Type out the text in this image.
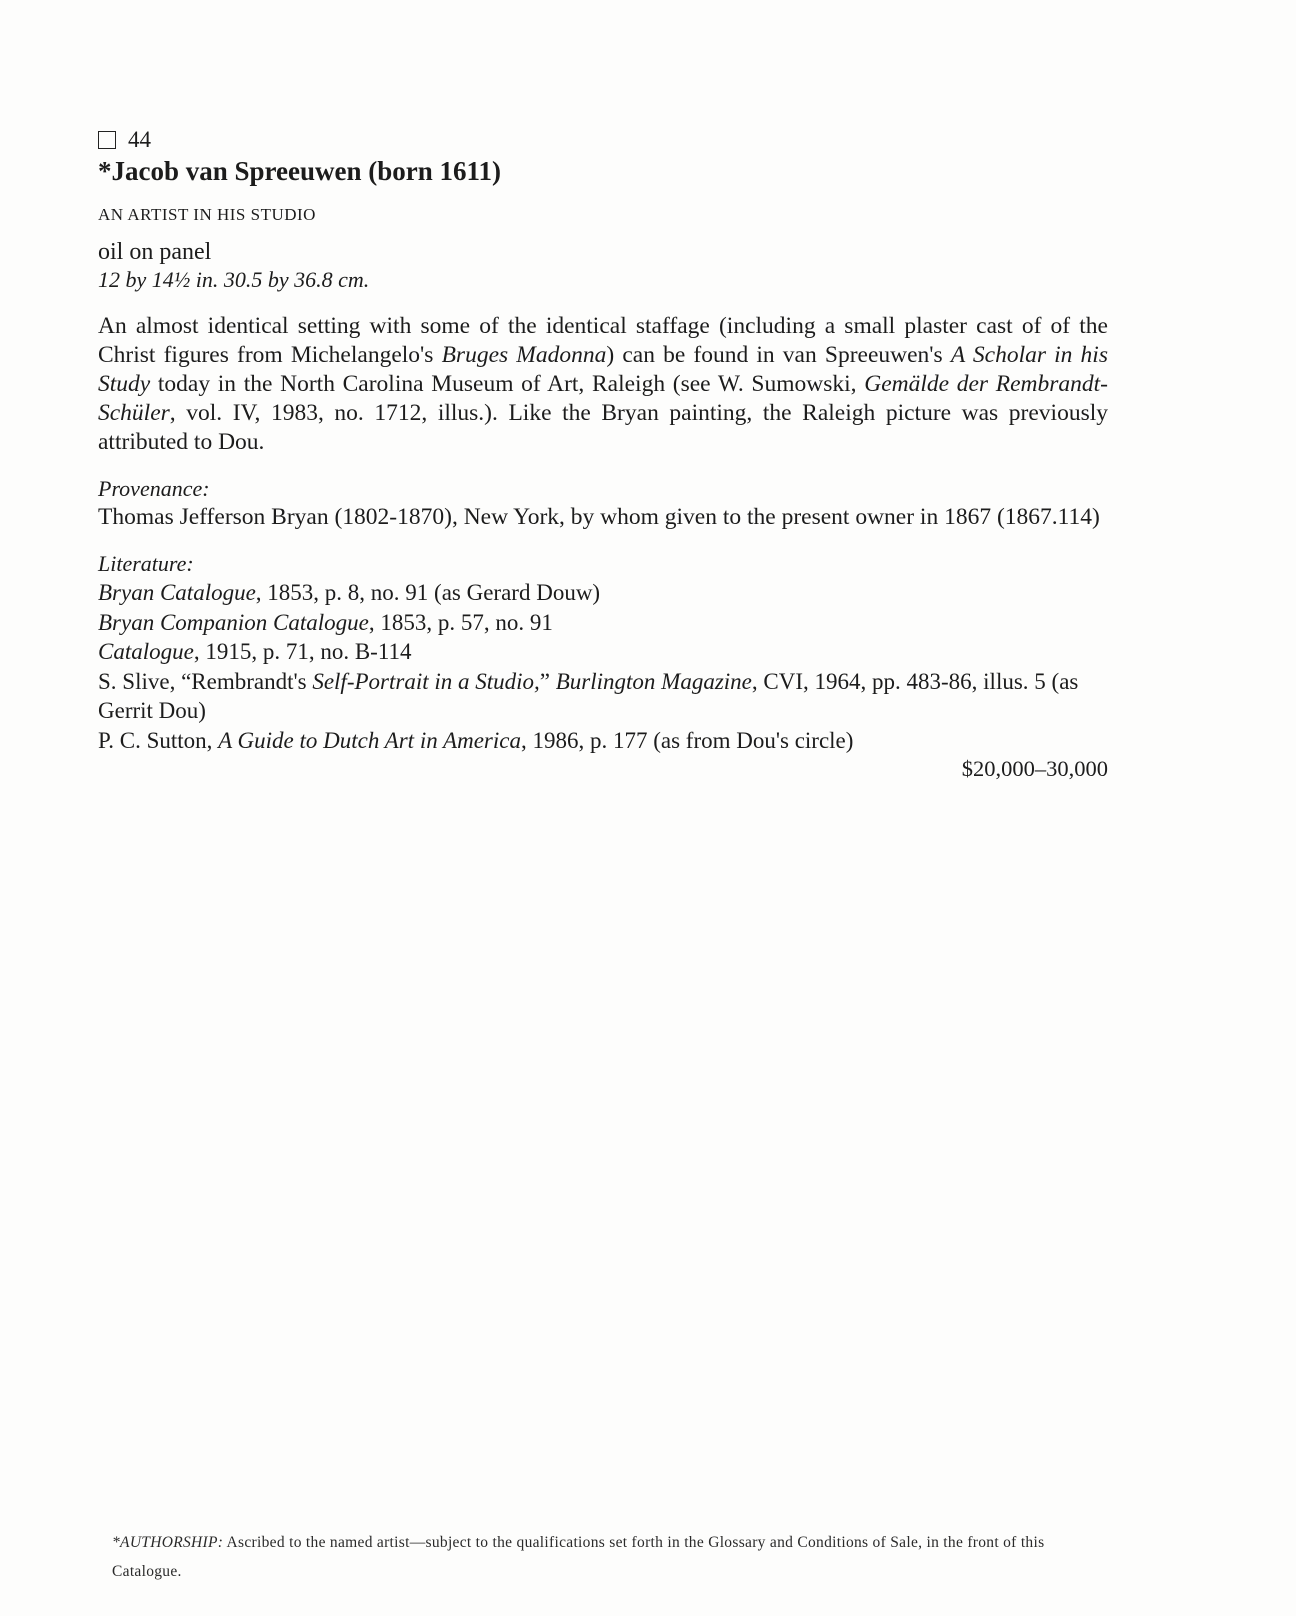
44
*Jacob van Spreeuwen (born 1611)
AN ARTIST IN HIS STUDIO
oil on panel
12 by 14½ in. 30.5 by 36.8 cm.
An almost identical setting with some of the identical staffage (including a small plaster cast of of the Christ figures from Michelangelo's Bruges Madonna) can be found in van Spreeuwen's A Scholar in his Study today in the North Carolina Museum of Art, Raleigh (see W. Sumowski, Gemälde der Rembrandt-Schüler, vol. IV, 1983, no. 1712, illus.). Like the Bryan painting, the Raleigh picture was previously attributed to Dou.
Provenance:
Thomas Jefferson Bryan (1802-1870), New York, by whom given to the present owner in 1867 (1867.114)
Literature:
Bryan Catalogue, 1853, p. 8, no. 91 (as Gerard Douw)
Bryan Companion Catalogue, 1853, p. 57, no. 91
Catalogue, 1915, p. 71, no. B-114
S. Slive, “Rembrandt's Self-Portrait in a Studio,” Burlington Magazine, CVI, 1964, pp. 483-86, illus. 5 (as Gerrit Dou)
P. C. Sutton, A Guide to Dutch Art in America, 1986, p. 177 (as from Dou's circle)
$20,000–30,000
*AUTHORSHIP: Ascribed to the named artist—subject to the qualifications set forth in the Glossary and Conditions of Sale, in the front of this Catalogue.
